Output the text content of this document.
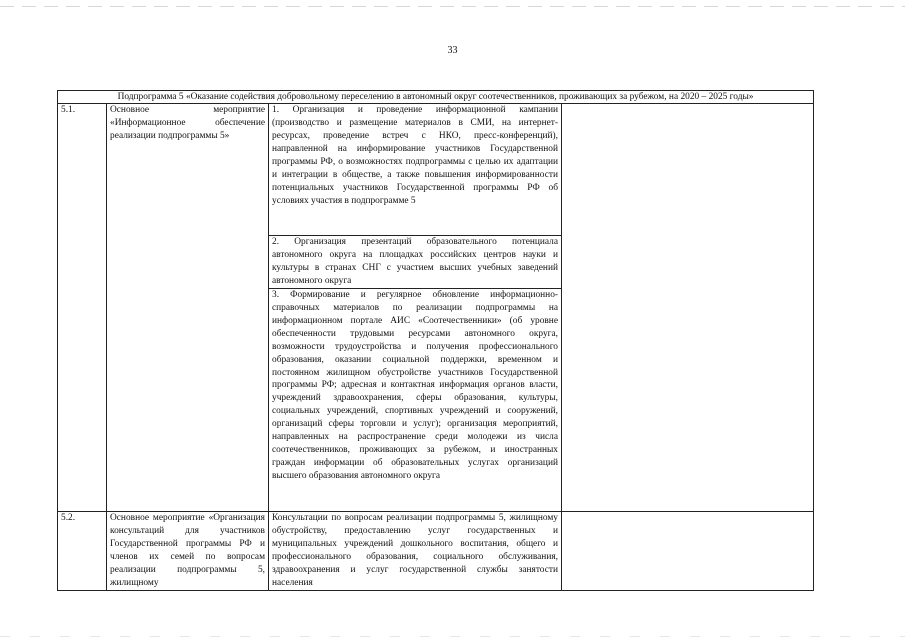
33
Подпрограмма 5 «Оказание содействия добровольному переселению в автономный округ соотечественников, проживающих за рубежом, на 2020 – 2025 годы»			
5.1.	Основное мероприятие «Информационное обеспечение реализации подпрограммы 5»	1. Организация и проведение информационной кампании (производство и размещение материалов в СМИ, на интернет-ресурсах, проведение встреч с НКО, пресс-конференций), направленной на информирование участников Государственной программы РФ, о возможностях подпрограммы с целью их адаптации и интеграции в обществе, а также повышения информированности потенциальных участников Государственной программы РФ об условиях участия в подпрограмме 5	
		2. Организация презентаций образовательного потенциала автономного округа на площадках российских центров науки и культуры в странах СНГ с участием высших учебных заведений автономного округа	
		3. Формирование и регулярное обновление информационно-справочных материалов по реализации подпрограммы на информационном портале АИС «Соотечественники» (об уровне обеспеченности трудовыми ресурсами автономного округа, возможности трудоустройства и получения профессионального образования, оказании социальной поддержки, временном и постоянном жилищном обустройстве участников Государственной программы РФ; адресная и контактная информация органов власти, учреждений здравоохранения, сферы образования, культуры, социальных учреждений, спортивных учреждений и сооружений, организаций сферы торговли и услуг); организация мероприятий, направленных на распространение среди молодежи из числа соотечественников, проживающих за рубежом, и иностранных граждан информации об образовательных услугах организаций высшего образования автономного округа	
5.2.	Основное мероприятие «Организация консультаций для участников Государственной программы РФ и членов их семей по вопросам реализации подпрограммы 5, жилищному	Консультации по вопросам реализации подпрограммы 5, жилищному обустройству, предоставлению услуг государственных и муниципальных учреждений дошкольного воспитания, общего и профессионального образования, социального обслуживания, здравоохранения и услуг государственной службы занятости населения	
